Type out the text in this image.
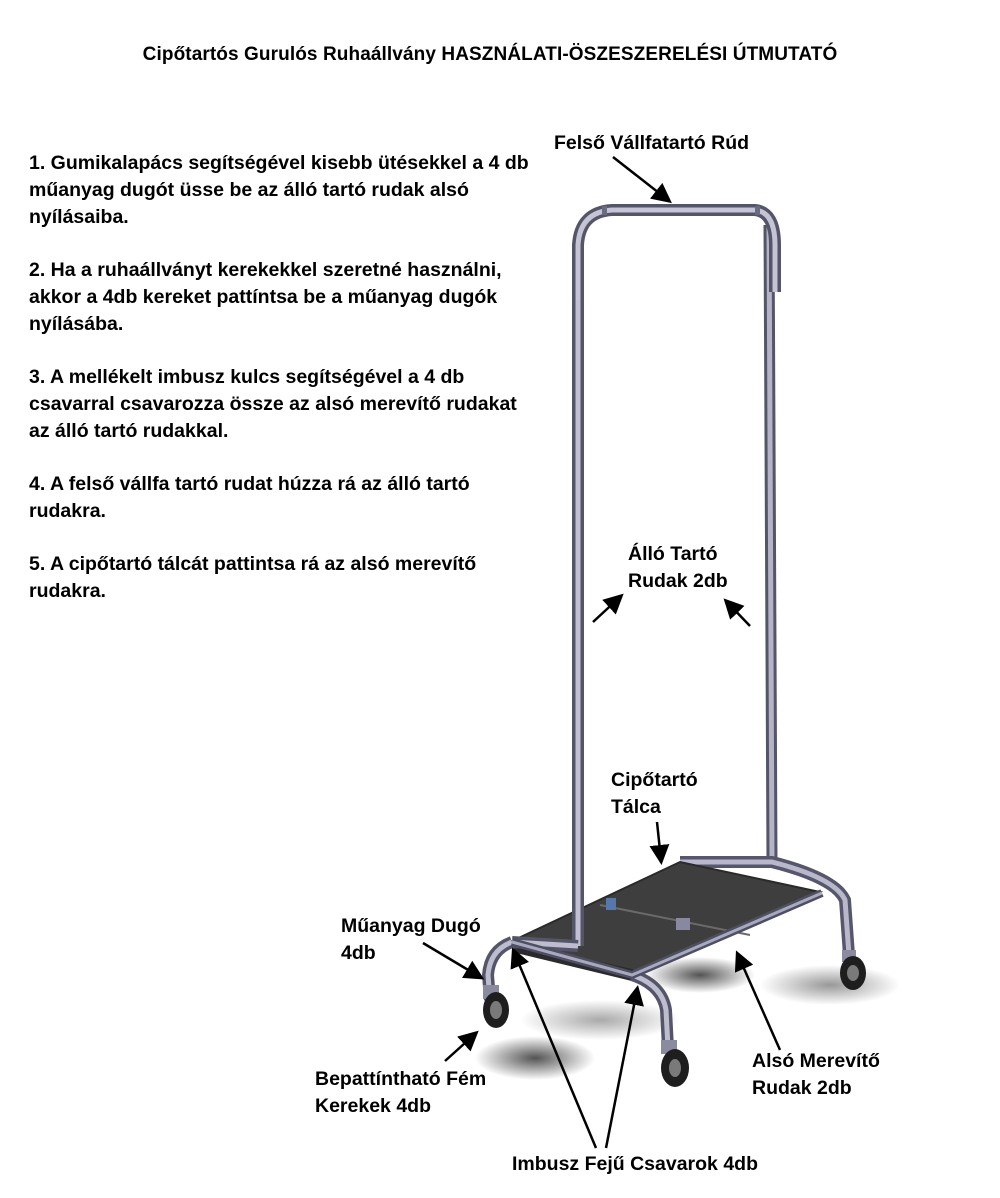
Cipőtartós Gurulós Ruhaállvány HASZNÁLATI-ÖSZESZERELÉSI ÚTMUTATÓ
1. Gumikalapács segítségével kisebb ütésekkel a 4 db műanyag dugót üsse be az álló tartó rudak alsó nyílásaiba.
2. Ha a ruhaállványt kerekekkel szeretné használni, akkor a 4db kereket pattíntsa be a műanyag dugók nyílásába.
3. A mellékelt imbusz kulcs segítségével a 4 db csavarral csavarozza össze az alsó merevítő rudakat az álló tartó rudakkal.
4. A felső vállfa tartó rudat húzza rá az álló tartó rudakra.
5. A cipőtartó tálcát pattintsa rá az alsó merevítő rudakra.
Felső Vállfatartó Rúd
Álló Tartó
Rudak 2db
Cipőtartó
Tálca
Műanyag Dugó
4db
Bepattíntható Fém
Kerekek 4db
Alsó Merevítő
Rudak 2db
Imbusz Fejű Csavarok 4db
